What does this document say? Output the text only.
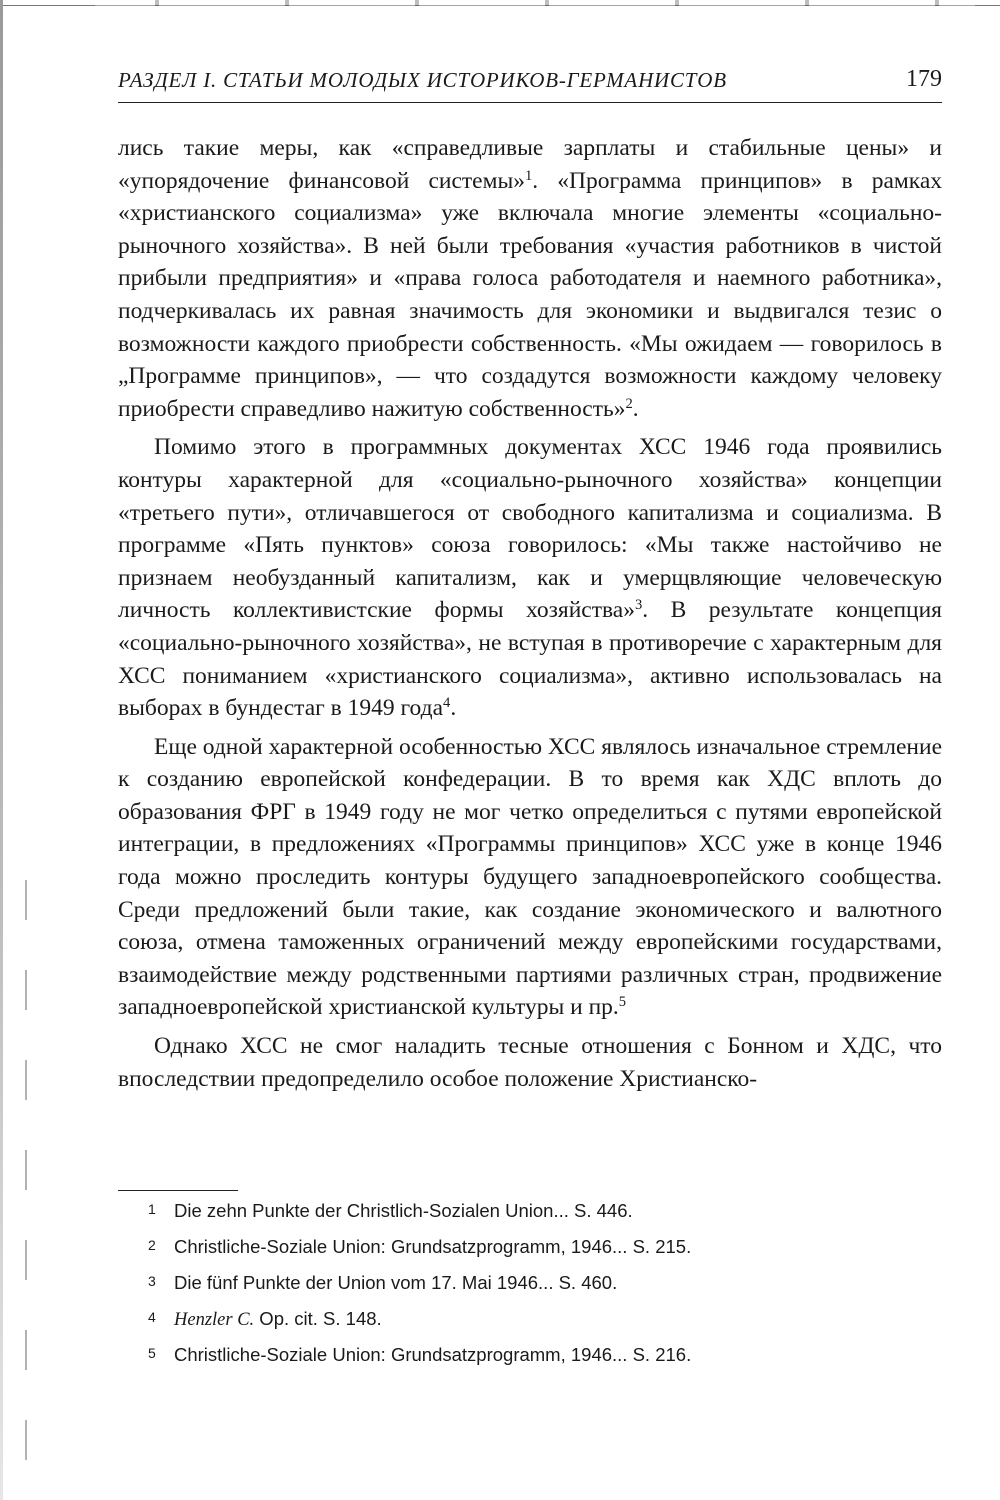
РАЗДЕЛ I. СТАТЬИ МОЛОДЫХ ИСТОРИКОВ-ГЕРМАНИСТОВ	179

лись такие меры, как «справедливые зарплаты и стабильные цены» и «упорядочение финансовой системы»$^1$. «Программа принципов» в рамках «христианского социализма» уже включала многие элементы «социально-рыночного хозяйства». В ней были требования «участия работников в чистой прибыли предприятия» и «права голоса работодателя и наемного работника», подчеркивалась их равная значимость для экономики и выдвигался тезис о возможности каждого приобрести собственность. «Мы ожидаем — говорилось в „Программе принципов», — что создадутся возможности каждому человеку приобрести справедливо нажитую собственность»$^2$.

Помимо этого в программных документах ХСС 1946 года проявились контуры характерной для «социально-рыночного хозяйства» концепции «третьего пути», отличавшегося от свободного капитализма и социализма. В программе «Пять пунктов» союза говорилось: «Мы также настойчиво не признаем необузданный капитализм, как и умерщвляющие человеческую личность коллективистские формы хозяйства»$^3$. В результате концепция «социально-рыночного хозяйства», не вступая в противоречие с характерным для ХСС пониманием «христианского социализма», активно использовалась на выборах в бундестаг в 1949 года$^4$.

Еще одной характерной особенностью ХСС являлось изначальное стремление к созданию европейской конфедерации. В то время как ХДС вплоть до образования ФРГ в 1949 году не мог четко определиться с путями европейской интеграции, в предложениях «Программы принципов» ХСС уже в конце 1946 года можно проследить контуры будущего западноевропейского сообщества. Среди предложений были такие, как создание экономического и валютного союза, отмена таможенных ограничений между европейскими государствами, взаимодействие между родственными партиями различных стран, продвижение западноевропейской христианской культуры и пр.$^5$

Однако ХСС не смог наладить тесные отношения с Бонном и ХДС, что впоследствии предопределило особое положение Христианско-

1 Die zehn Punkte der Christlich-Sozialen Union... S. 446.
2 Christliche-Soziale Union: Grundsatzprogramm, 1946... S. 215.
3 Die fünf Punkte der Union vom 17. Mai 1946... S. 460.
4 Henzler C. Op. cit. S. 148.
5 Christliche-Soziale Union: Grundsatzprogramm, 1946... S. 216.
